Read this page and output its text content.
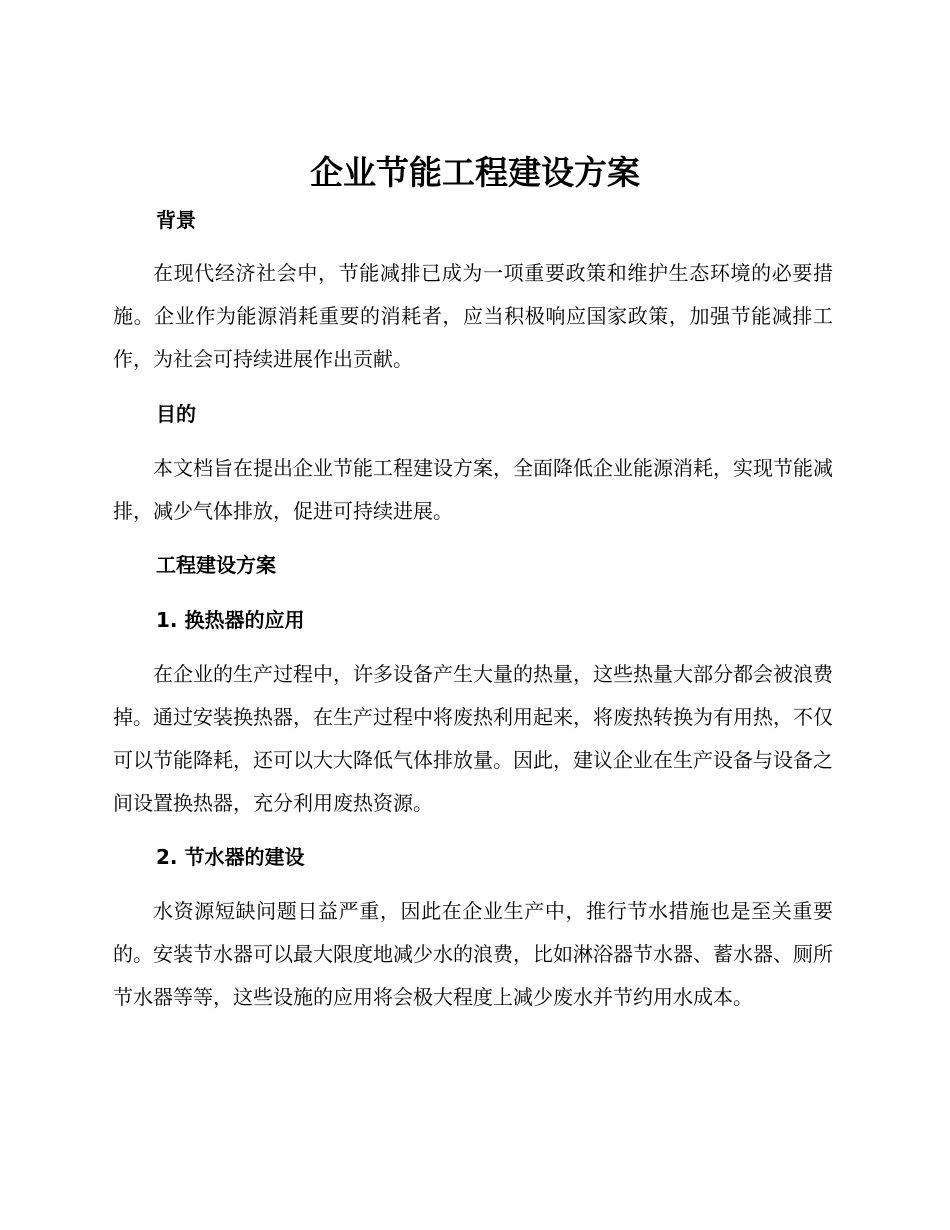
企业节能工程建设方案
背景

在现代经济社会中，节能减排已成为一项重要政策和维护生态环境的必要措施。企业作为能源消耗重要的消耗者，应当积极响应国家政策，加强节能减排工作，为社会可持续进展作出贡献。

目的

本文档旨在提出企业节能工程建设方案，全面降低企业能源消耗，实现节能减排，减少气体排放，促进可持续进展。

工程建设方案
1. 换热器的应用

在企业的生产过程中，许多设备产生大量的热量，这些热量大部分都会被浪费掉。通过安装换热器，在生产过程中将废热利用起来，将废热转换为有用热，不仅可以节能降耗，还可以大大降低气体排放量。因此，建议企业在生产设备与设备之间设置换热器，充分利用废热资源。

2. 节水器的建设

水资源短缺问题日益严重，因此在企业生产中，推行节水措施也是至关重要的。安装节水器可以最大限度地减少水的浪费，比如淋浴器节水器、蓄水器、厕所节水器等等，这些设施的应用将会极大程度上减少废水并节约用水成本。
